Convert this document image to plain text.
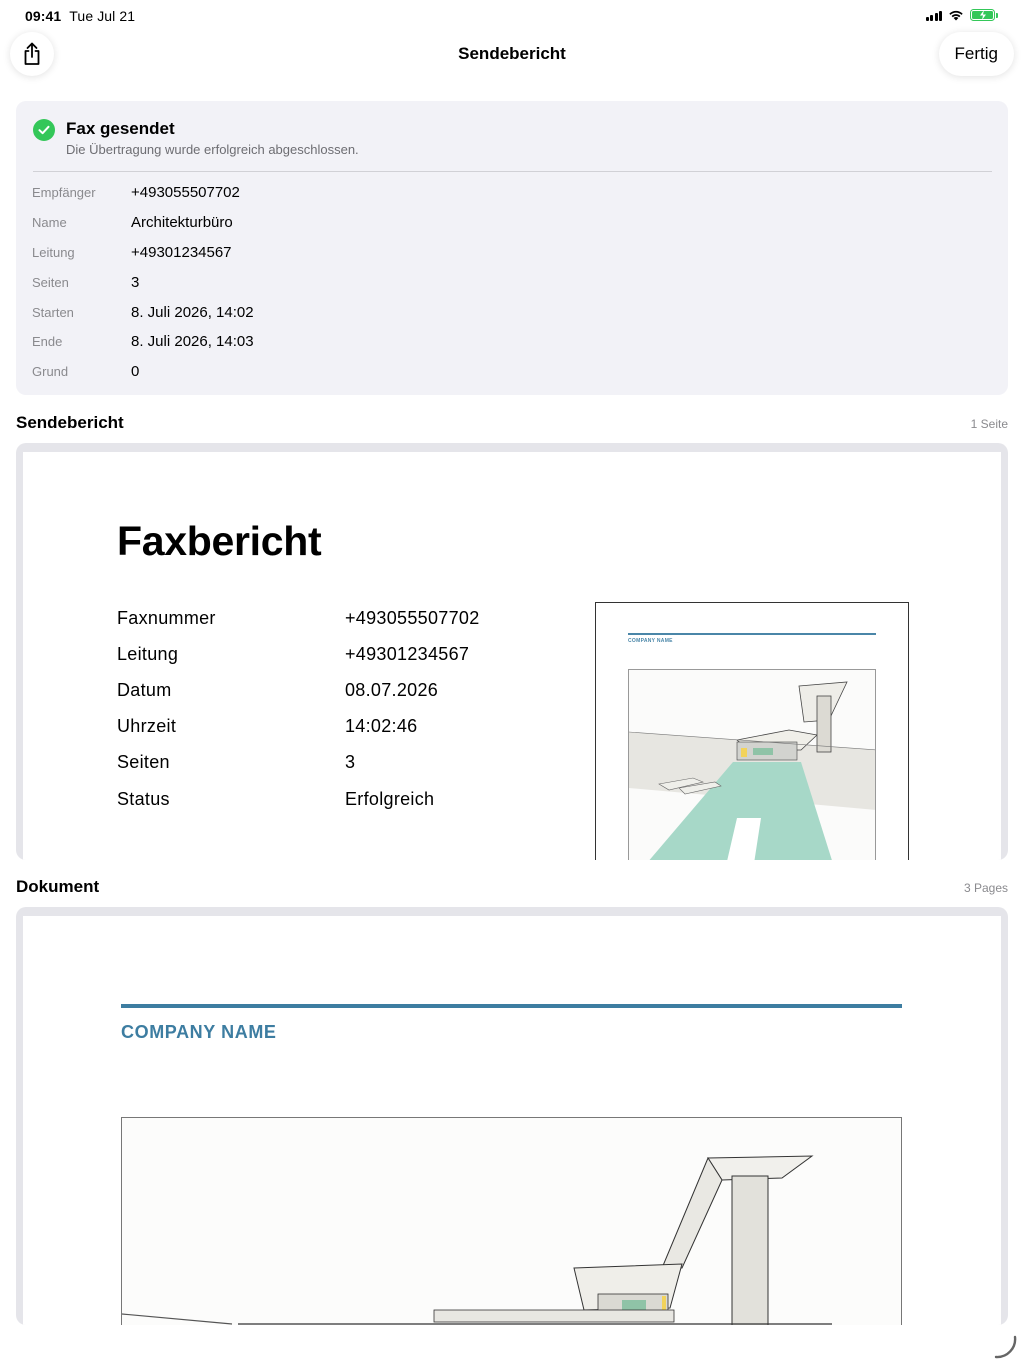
09:41 Tue Jul 21
Sendebericht	Fertig
Fax gesendet
Die Übertragung wurde erfolgreich abgeschlossen.
Empfänger	+493055507702
Name	Architekturbüro
Leitung	+49301234567
Seiten	3
Starten	8. Juli 2026, 14:02
Ende	8. Juli 2026, 14:03
Grund	0
Sendebericht	1 Seite
Faxbericht
Faxnummer	+493055507702
Leitung	+49301234567
Datum	08.07.2026
Uhrzeit	14:02:46
Seiten	3
Status	Erfolgreich
COMPANY NAME
Dokument	3 Pages
COMPANY NAME
